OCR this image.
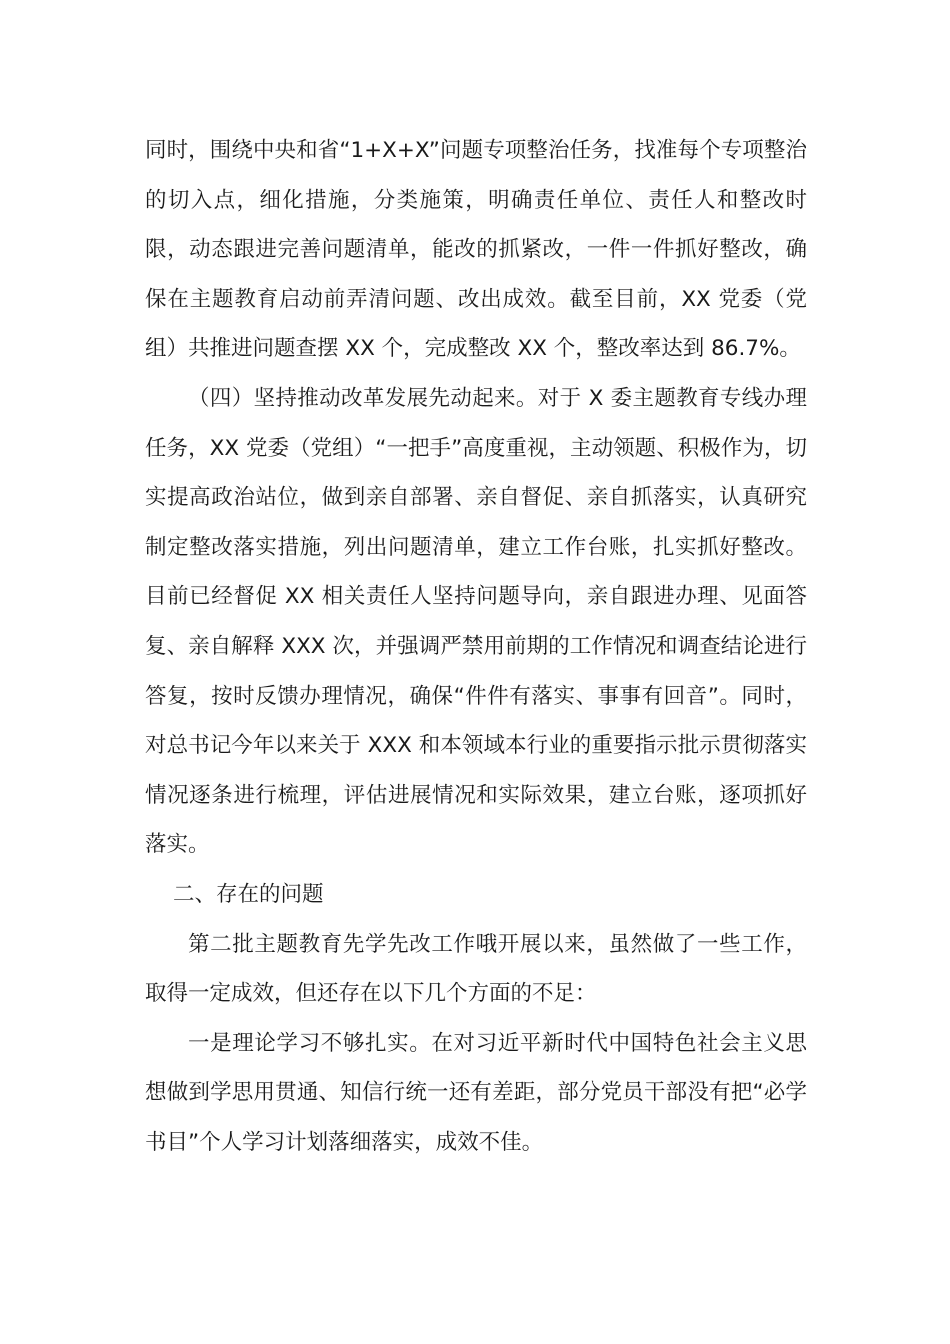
同时，围绕中央和省“1+X+X”问题专项整治任务，找准每个专项整治的切入点，细化措施，分类施策，明确责任单位、责任人和整改时限，动态跟进完善问题清单，能改的抓紧改，一件一件抓好整改，确保在主题教育启动前弄清问题、改出成效。截至目前，XX 党委（党组）共推进问题查摆 XX 个，完成整改 XX 个，整改率达到 86.7%。

（四）坚持推动改革发展先动起来。对于 X 委主题教育专线办理任务，XX 党委（党组）“一把手”高度重视，主动领题、积极作为，切实提高政治站位，做到亲自部署、亲自督促、亲自抓落实，认真研究制定整改落实措施，列出问题清单，建立工作台账，扎实抓好整改。目前已经督促 XX 相关责任人坚持问题导向，亲自跟进办理、见面答复、亲自解释 XXX 次，并强调严禁用前期的工作情况和调查结论进行答复，按时反馈办理情况，确保“件件有落实、事事有回音”。同时，对总书记今年以来关于 XXX 和本领域本行业的重要指示批示贯彻落实情况逐条进行梳理，评估进展情况和实际效果，建立台账，逐项抓好落实。

二、存在的问题

第二批主题教育先学先改工作哦开展以来，虽然做了一些工作，取得一定成效，但还存在以下几个方面的不足：

一是理论学习不够扎实。在对习近平新时代中国特色社会主义思想做到学思用贯通、知信行统一还有差距，部分党员干部没有把“必学书目”个人学习计划落细落实，成效不佳。
